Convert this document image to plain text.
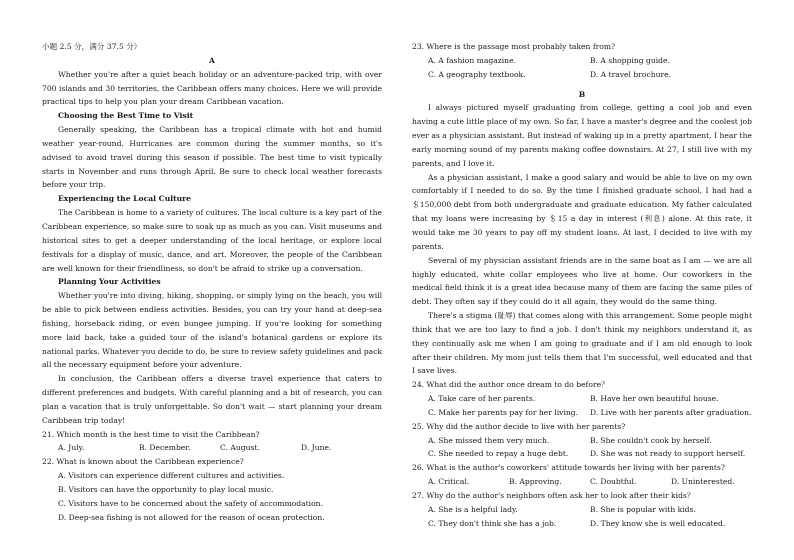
小题 2.5 分，满分 37.5 分）

A

Whether you're after a quiet beach holiday or an adventure-packed trip, with over 700 islands and 30 territories, the Caribbean offers many choices. Here we will provide practical tips to help you plan your dream Caribbean vacation.

Choosing the Best Time to Visit

Generally speaking, the Caribbean has a tropical climate with hot and humid weather year-round. Hurricanes are common during the summer months, so it's advised to avoid travel during this season if possible. The best time to visit typically starts in November and runs through April. Be sure to check local weather forecasts before your trip.

Experiencing the Local Culture

The Caribbean is home to a variety of cultures. The local culture is a key part of the Caribbean experience, so make sure to soak up as much as you can. Visit museums and historical sites to get a deeper understanding of the local heritage, or explore local festivals for a display of music, dance, and art. Moreover, the people of the Caribbean are well known for their friendliness, so don't be afraid to strike up a conversation.

Planning Your Activities

Whether you're into diving, hiking, shopping, or simply lying on the beach, you will be able to pick between endless activities. Besides, you can try your hand at deep-sea fishing, horseback riding, or even bungee jumping. If you're looking for something more laid back, take a guided tour of the island's botanical gardens or explore its national parks. Whatever you decide to do, be sure to review safety guidelines and pack all the necessary equipment before your adventure.

In conclusion, the Caribbean offers a diverse travel experience that caters to different preferences and budgets. With careful planning and a bit of research, you can plan a vacation that is truly unforgettable. So don't wait — start planning your dream Caribbean trip today!

21. Which month is the best time to visit the Caribbean?

A. July.	B. December.	C. August.	D. June.

22. What is known about the Caribbean experience?

A. Visitors can experience different cultures and activities.
B. Visitors can have the opportunity to play local music.
C. Visitors have to be concerned about the safety of accommodation.
D. Deep-sea fishing is not allowed for the reason of ocean protection.

23. Where is the passage most probably taken from?

A. A fashion magazine.	B. A shopping guide.
C. A geography textbook.	D. A travel brochure.

B

I always pictured myself graduating from college, getting a cool job and even having a cute little place of my own. So far, I have a master's degree and the coolest job ever as a physician assistant. But instead of waking up in a pretty apartment, I hear the early morning sound of my parents making coffee downstairs. At 27, I still live with my parents, and I love it.

As a physician assistant, I make a good salary and would be able to live on my own comfortably if I needed to do so. By the time I finished graduate school, I had had a ＄150,000 debt from both undergraduate and graduate education. My father calculated that my loans were increasing by ＄15 a day in interest (利息) alone. At this rate, it would take me 30 years to pay off my student loans. At last, I decided to live with my parents.

Several of my physician assistant friends are in the same boat as I am — we are all highly educated, white collar employees who live at home. Our coworkers in the medical field think it is a great idea because many of them are facing the same piles of debt. They often say if they could do it all again, they would do the same thing.

There's a stigma (耻辱) that comes along with this arrangement. Some people might think that we are too lazy to find a job. I don't think my neighbors understand it, as they continually ask me when I am going to graduate and if I am old enough to look after their children. My mom just tells them that I'm successful, well educated and that I save lives.

24. What did the author once dream to do before？

A. Take care of her parents.	B. Have her own beautiful house.
C. Make her parents pay for her living.	D. Live with her parents after graduation.

25. Why did the author decide to live with her parents?

A. She missed them very much.	B. She couldn't cook by herself.
C. She needed to repay a huge debt.	D. She was not ready to support herself.

26. What is the author's coworkers' attitude towards her living with her parents?

A. Critical.	B. Approving.	C. Doubtful.	D. Uninterested.

27. Why do the author's neighbors often ask her to look after their kids？

A. She is a helpful lady.	B. She is popular with kids.
C. They don't think she has a job.	D. They know she is well educated.
